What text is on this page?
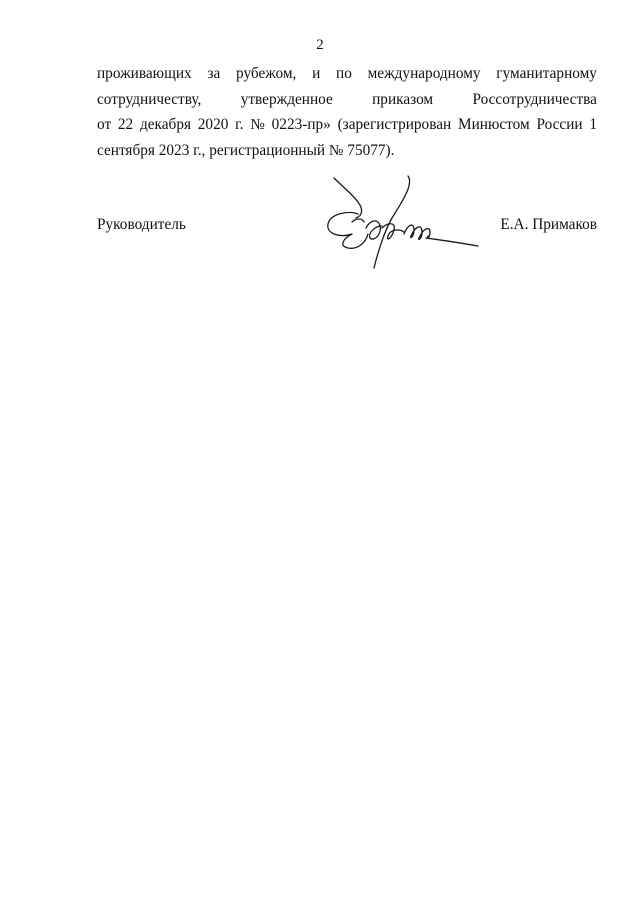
2
проживающих за рубежом, и по международному гуманитарному
сотрудничеству,	утвержденное	приказом	Россотрудничества
от 22 декабря 2020 г. № 0223-пр» (зарегистрирован Минюстом России 1
сентября 2023 г., регистрационный № 75077).
Руководитель	Е.А. Примаков
